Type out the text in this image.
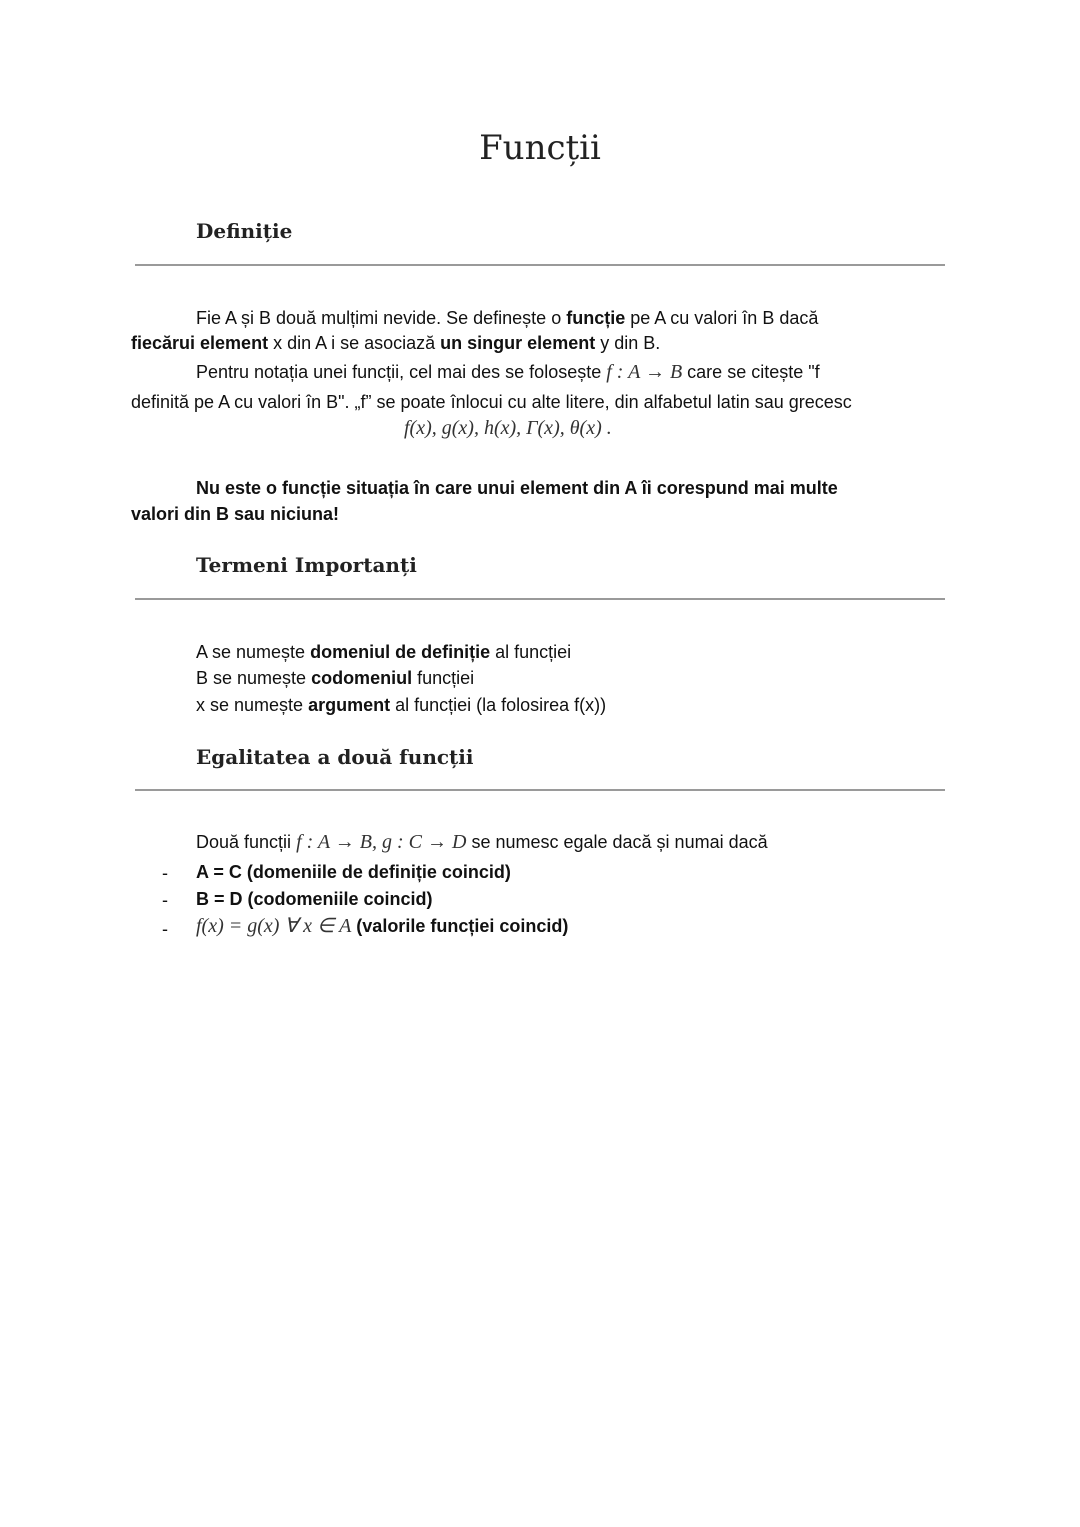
Funcții
Definiție
Fie A și B două mulțimi nevide. Se definește o funcție pe A cu valori în B dacă
fiecărui element x din A i se asociază un singur element y din B.
Pentru notația unei funcții, cel mai des se folosește f : A → B care se citește "f
definită pe A cu valori în B". „f” se poate înlocui cu alte litere, din alfabetul latin sau grecesc
f(x), g(x), h(x), Γ(x), θ(x) .
Nu este o funcție situația în care unui element din A îi corespund mai multe
valori din B sau niciuna!
Termeni Importanți
A se numește domeniul de definiție al funcției
B se numește codomeniul funcției
x se numește argument al funcției (la folosirea f(x))
Egalitatea a două funcții
Două funcții f : A → B, g : C → D se numesc egale dacă și numai dacă
- A = C (domeniile de definiție coincid)
- B = D (codomeniile coincid)
- f(x) = g(x) ∀ x ∈ A (valorile funcției coincid)
